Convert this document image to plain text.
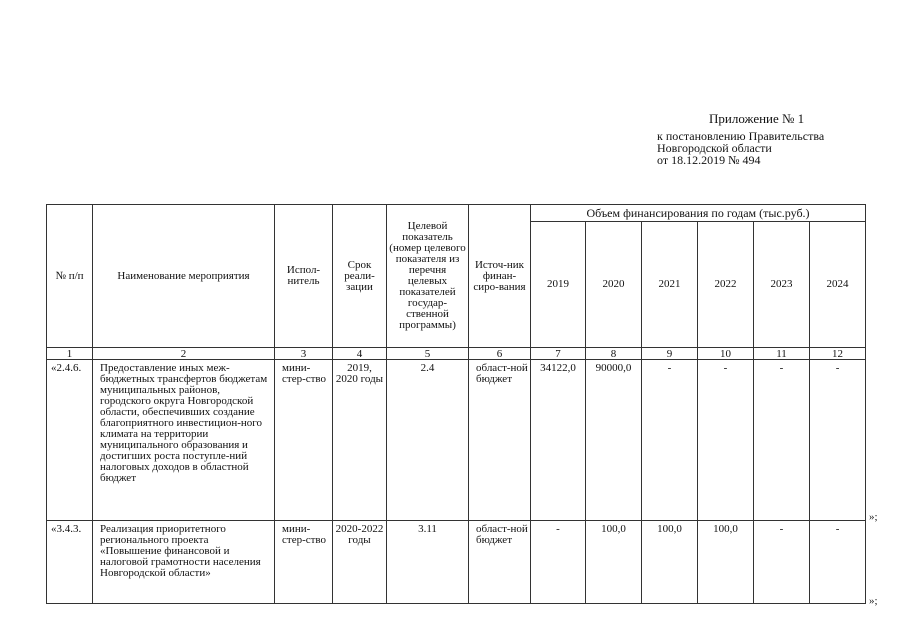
Приложение № 1
к постановлению Правительства
Новгородской области
от 18.12.2019 № 494
№ п/п	Наименование мероприятия	Испол-нитель	Срок реали-зации	Целевой показатель (номер целевого показателя из перечня целевых показателей государ-ственной программы)	Источ-ник финан-сиро-вания	Объем финансирования по годам (тыс.руб.)					
						2019	2020	2021	2022	2023	2024
1	2	3	4	5	6	7	8	9	10	11	12
«2.4.6.	Предоставление иных меж-бюджетных трансфертов бюджетам муниципальных районов, городского округа Новгородской области, обеспечивших создание благоприятного инвестицион-ного климата на территории муниципального образования и достигших роста поступле-ний налоговых доходов в областной бюджет	мини-стер-ство	2019, 2020 годы	2.4	област-ной бюджет	34122,0	90000,0	-	-	-	-
«3.4.3.	Реализация приоритетного регионального проекта «Повышение финансовой и налоговой грамотности населения Новгородской области»	мини-стер-ство	2020-2022 годы	3.11	област-ной бюджет	-	100,0	100,0	100,0	-	-
»;
»;
